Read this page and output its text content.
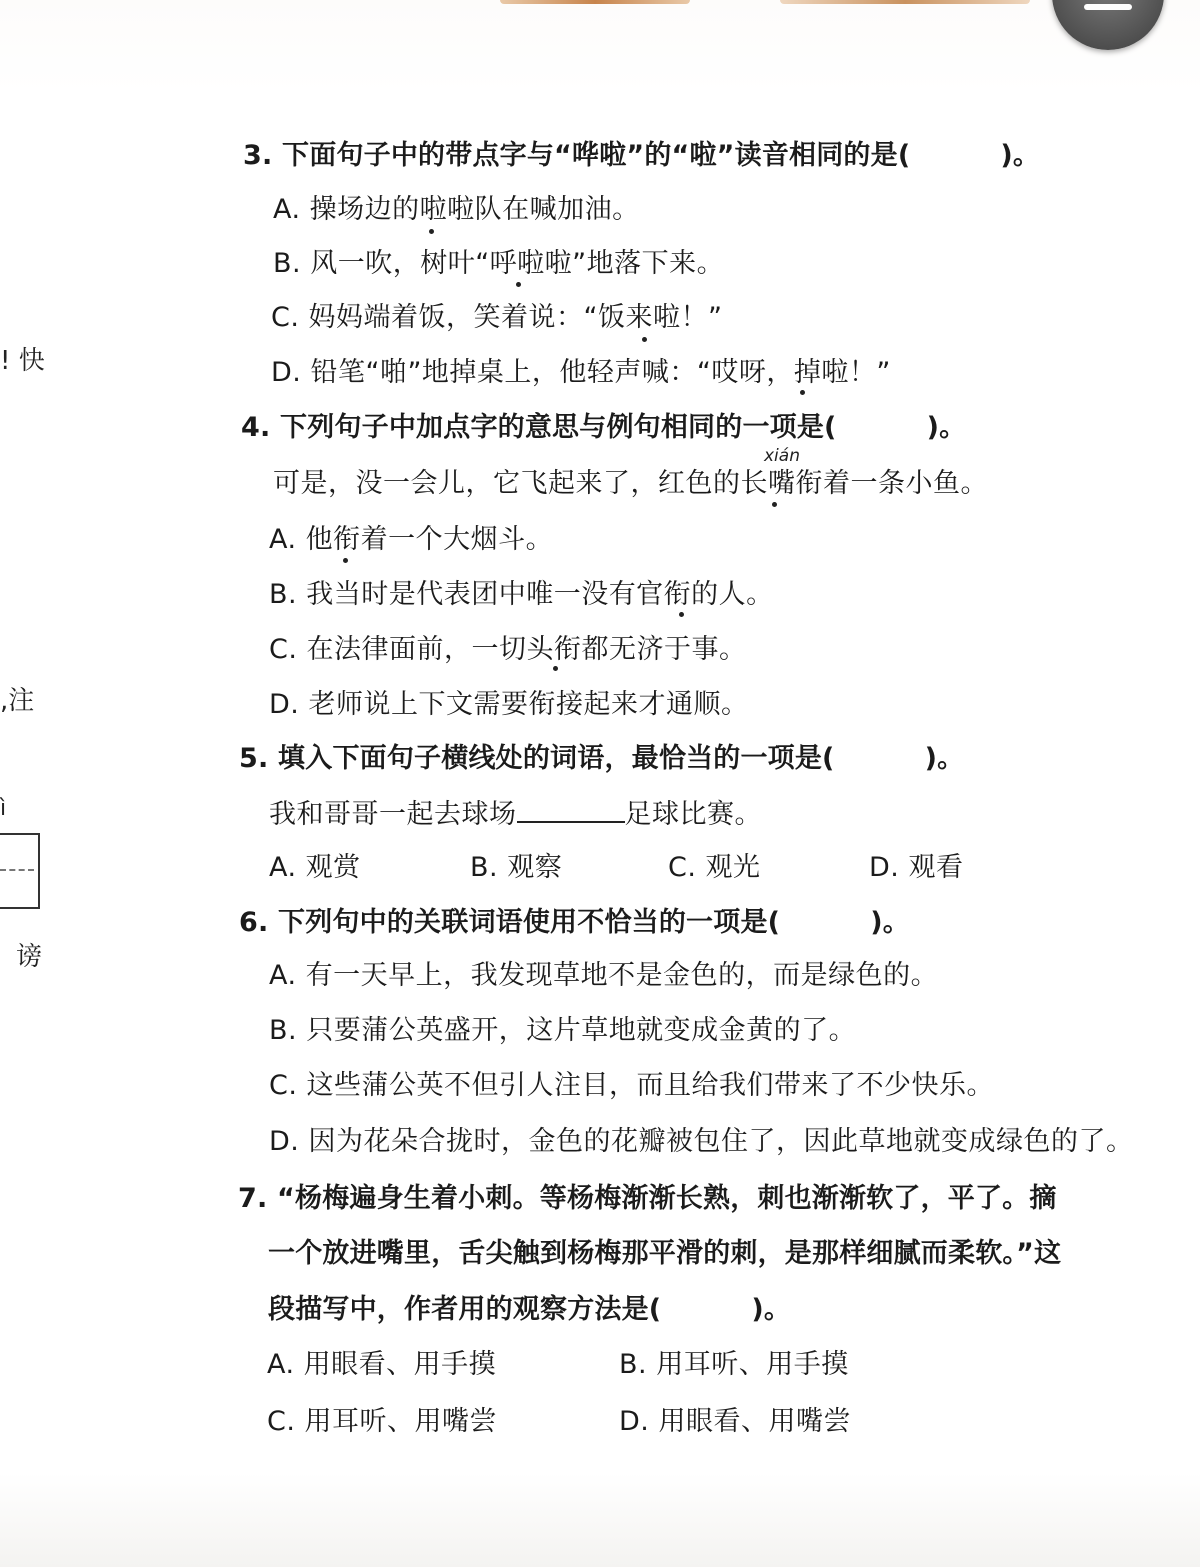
! 快
,注
ì
谤
3. 下面句子中的带点字与“哗啦”的“啦”读音相同的是(	)。
A. 操场边的啦啦队在喊加油。
B. 风一吹，树叶“呼啦啦”地落下来。
C. 妈妈端着饭，笑着说：“饭来啦！”
D. 铅笔“啪”地掉桌上，他轻声喊：“哎呀，掉啦！”
4. 下列句子中加点字的意思与例句相同的一项是(	)。
xián
可是，没一会儿，它飞起来了，红色的长嘴衔着一条小鱼。
A. 他衔着一个大烟斗。
B. 我当时是代表团中唯一没有官衔的人。
C. 在法律面前，一切头衔都无济于事。
D. 老师说上下文需要衔接起来才通顺。
5. 填入下面句子横线处的词语，最恰当的一项是(	)。
我和哥哥一起去球场	足球比赛。
A. 观赏	B. 观察	C. 观光	D. 观看
6. 下列句中的关联词语使用不恰当的一项是(	)。
A. 有一天早上，我发现草地不是金色的，而是绿色的。
B. 只要蒲公英盛开，这片草地就变成金黄的了。
C. 这些蒲公英不但引人注目，而且给我们带来了不少快乐。
D. 因为花朵合拢时，金色的花瓣被包住了，因此草地就变成绿色的了。
7. “杨梅遍身生着小刺。等杨梅渐渐长熟，刺也渐渐软了，平了。摘
一个放进嘴里，舌尖触到杨梅那平滑的刺，是那样细腻而柔软。”这
段描写中，作者用的观察方法是(	)。
A. 用眼看、用手摸	B. 用耳听、用手摸
C. 用耳听、用嘴尝	D. 用眼看、用嘴尝
